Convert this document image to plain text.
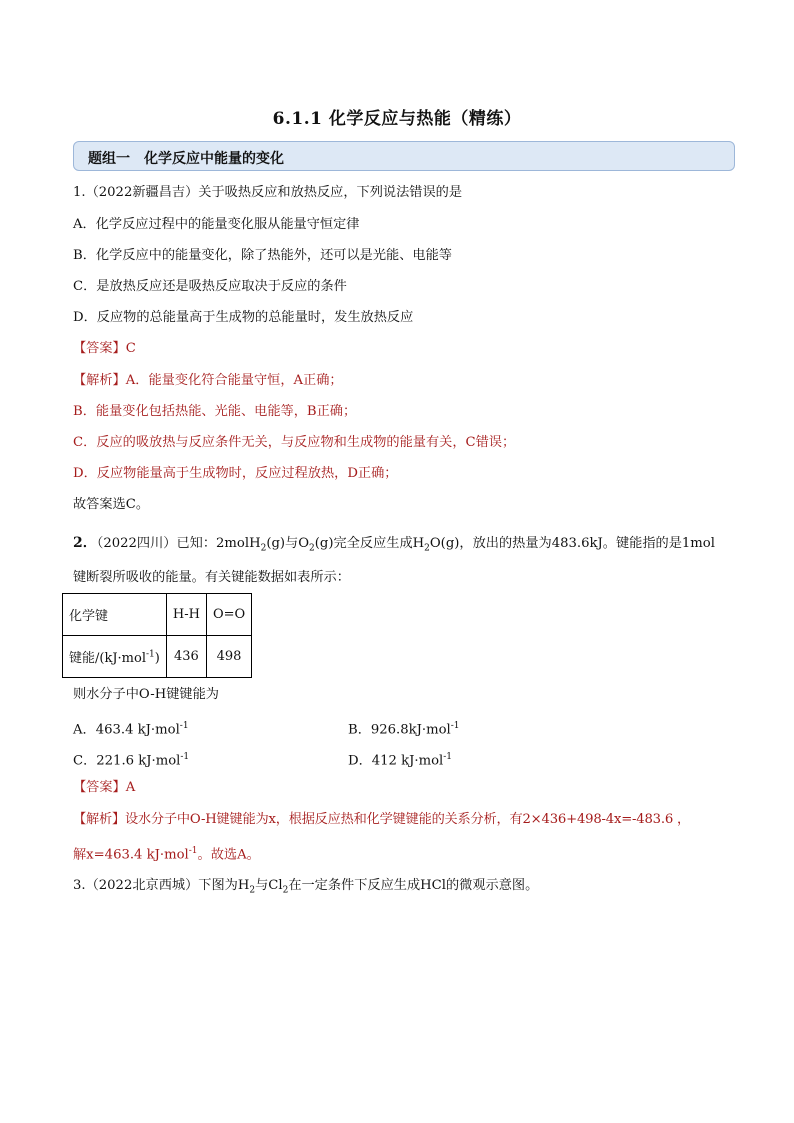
6.1.1 化学反应与热能（精练）
题组一　化学反应中能量的变化
1.（2022新疆昌吉）关于吸热反应和放热反应，下列说法错误的是
A．化学反应过程中的能量变化服从能量守恒定律
B．化学反应中的能量变化，除了热能外，还可以是光能、电能等
C．是放热反应还是吸热反应取决于反应的条件
D．反应物的总能量高于生成物的总能量时，发生放热反应
【答案】C
【解析】A．能量变化符合能量守恒，A正确；
B．能量变化包括热能、光能、电能等，B正确；
C．反应的吸放热与反应条件无关，与反应物和生成物的能量有关，C错误；
D．反应物能量高于生成物时，反应过程放热，D正确；
故答案选C。
2．（2022四川）已知：2molH$_2$(g)与$O_2(g)$完全反应生成$H_2O(g)$，放出的热量为483.6kJ。键能指的是1mol
键断裂所吸收的能量。有关键能数据如表所示：
化学键	H-H	O=O
键能/(kJ·mol$^{-1}$)	436	498
则水分子中O-H键键能为
A．463.4 kJ·mol$^{-1}$	B．926.8kJ·mol$^{-1}$
C．221.6 kJ·mol$^{-1}$	D．412 kJ·mol$^{-1}$
【答案】A
【解析】设水分子中O-H键键能为x，根据反应热和化学键键能的关系分析，有2×436+498-4x=-483.6 ，
解x=463.4 kJ·mol$^{-1}$。故选A。
3.（2022北京西城）下图为$H_2$与$Cl_2$在一定条件下反应生成HCl的微观示意图。
